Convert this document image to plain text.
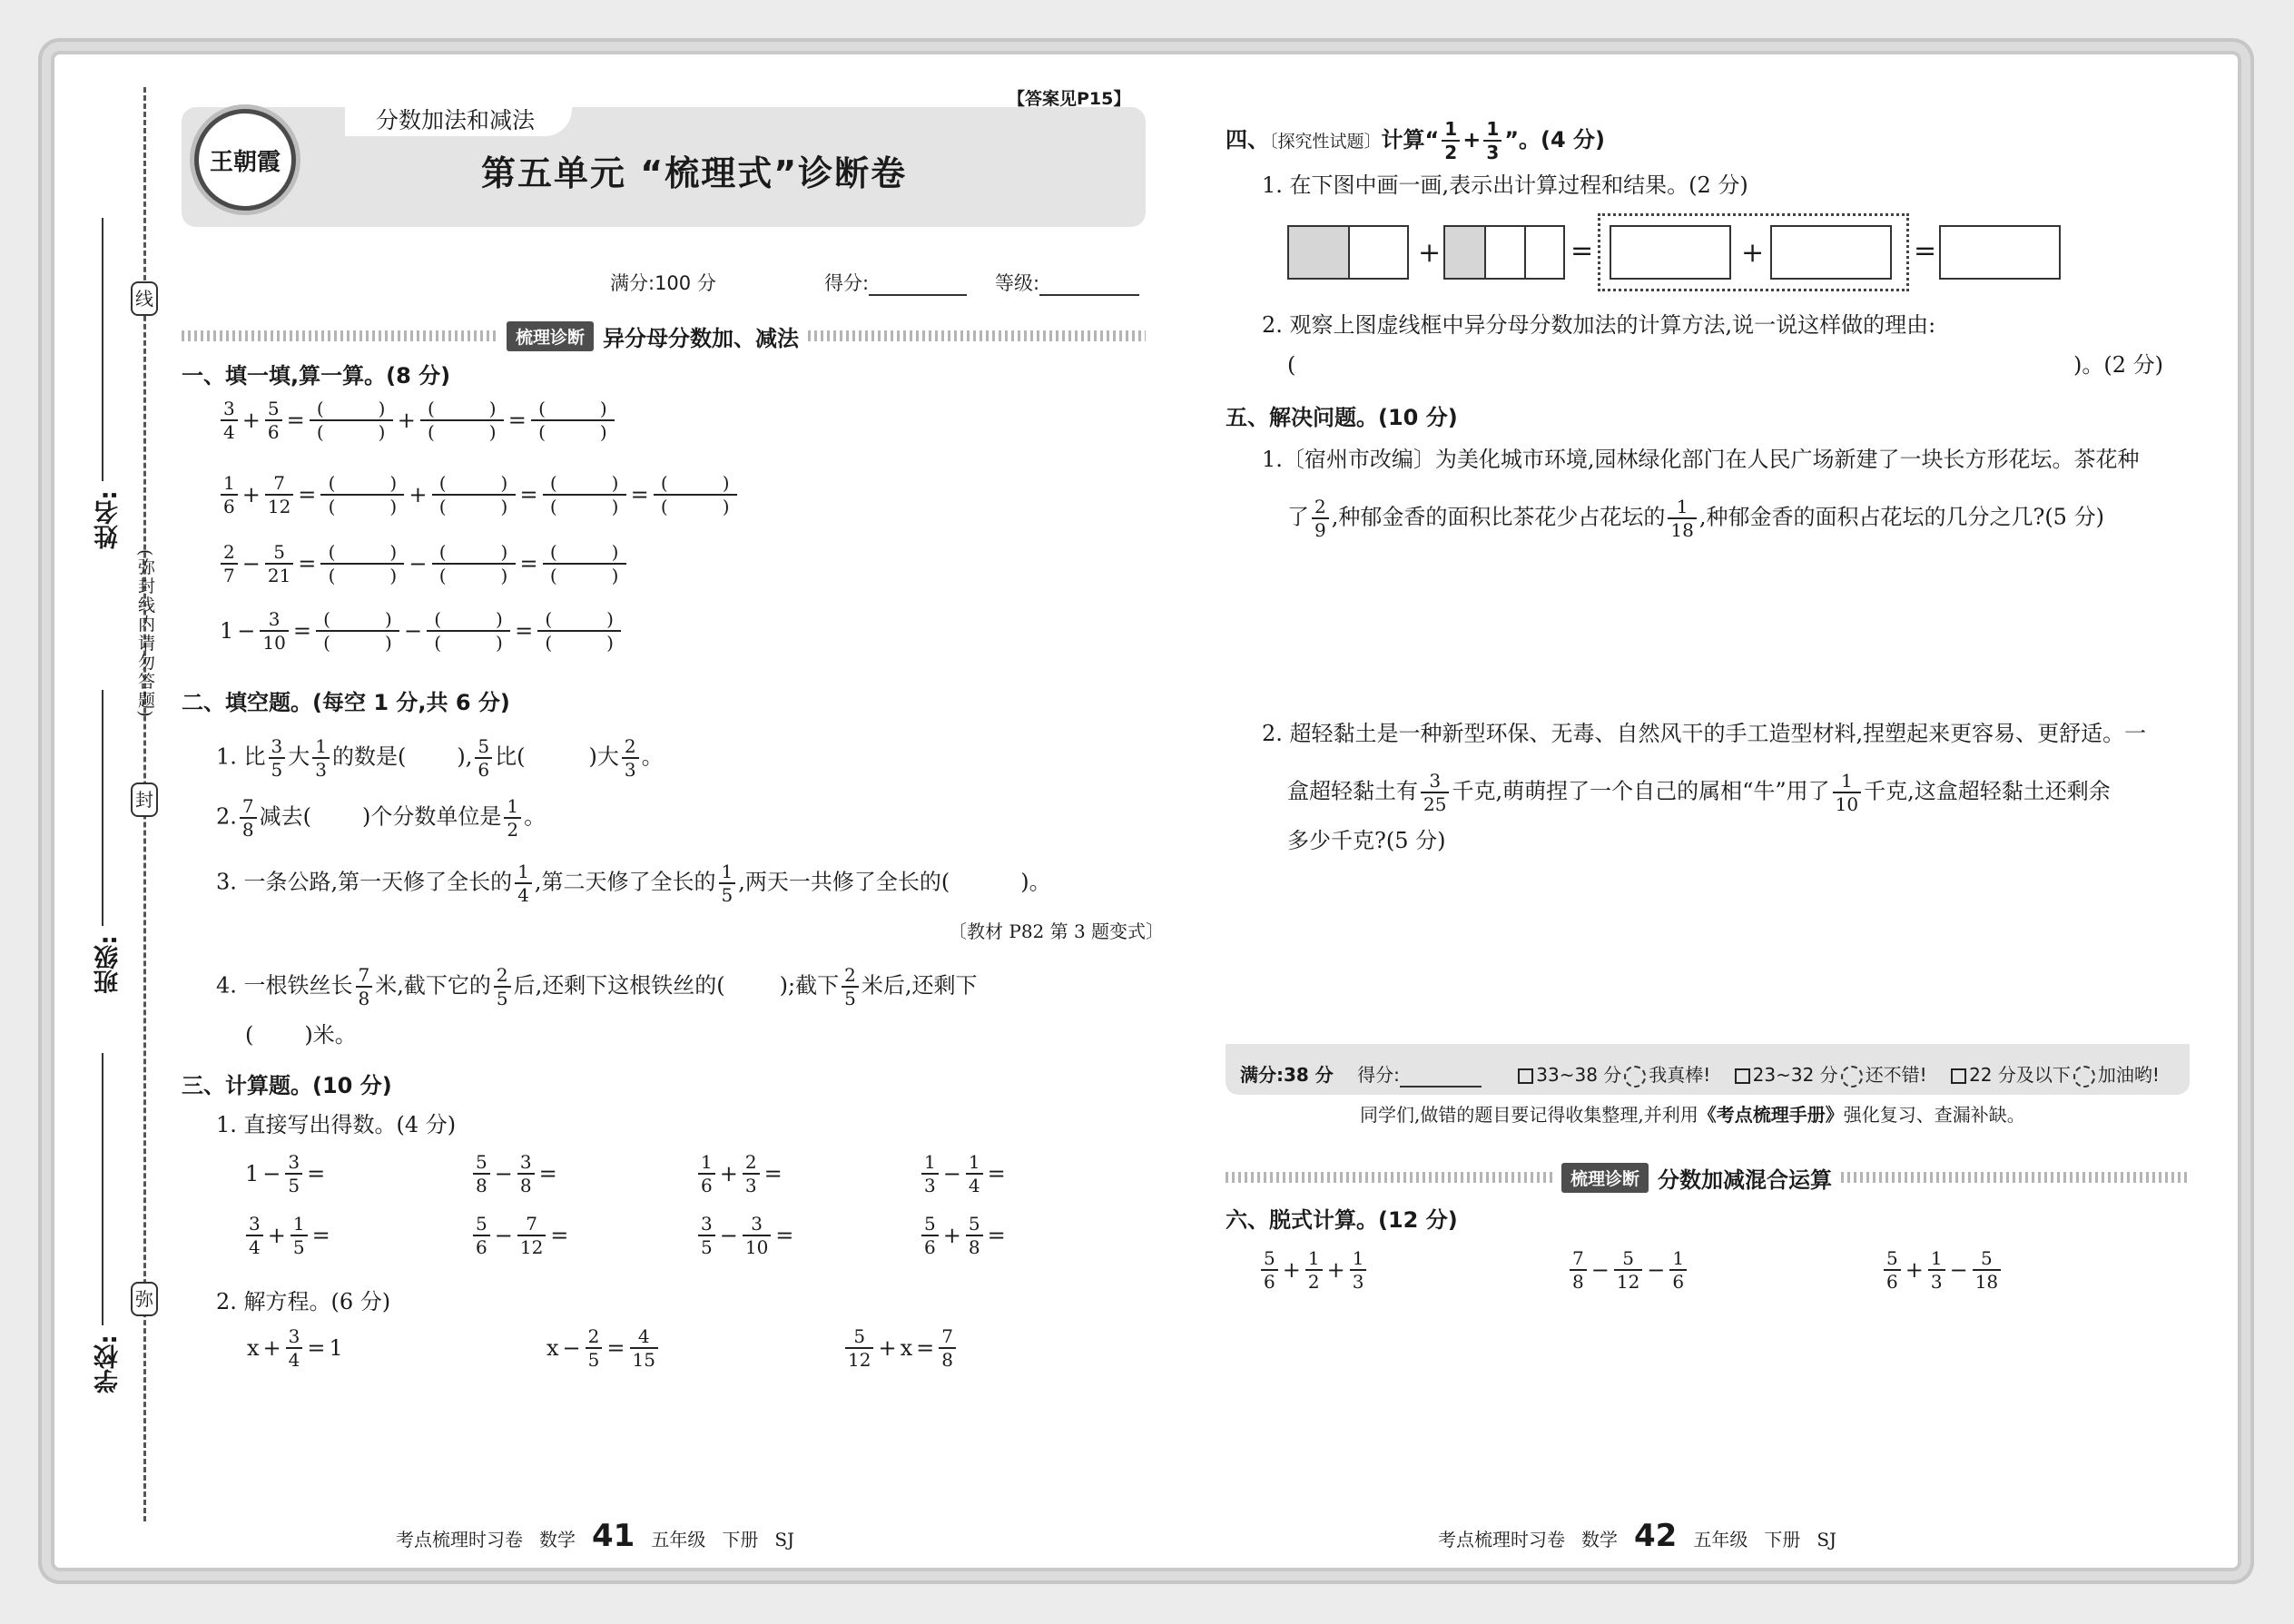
学校:
班级:
姓名:
线
封
弥
(弥封线内请勿答题)
王朝霞
分数加法和减法
【答案见P15】
第五单元 “梳理式”诊断卷
满分:100 分	得分:	等级:
梳理诊断 异分母分数加、减法
一、填一填,算一算。(8 分)
$\frac{3}{4} + \frac{5}{6} = \frac{( )}{( )} + \frac{( )}{( )} = \frac{( )}{( )}$
$\frac{1}{6} + \frac{7}{12} = \frac{( )}{( )} + \frac{( )}{( )} = \frac{( )}{( )} = \frac{( )}{( )}$
$\frac{2}{7} - \frac{5}{21} = \frac{( )}{( )} - \frac{( )}{( )} = \frac{( )}{( )}$
$1 - \frac{3}{10} = \frac{( )}{( )} - \frac{( )}{( )} = \frac{( )}{( )}$
二、填空题。(每空 1 分,共 6 分)
1. 比 $\frac{3}{5}$ 大 $\frac{1}{3}$ 的数是( ), $\frac{5}{6}$ 比(	)大 $\frac{2}{3}$ 。
2. $\frac{7}{8}$ 减去( )个分数单位是 $\frac{1}{2}$ 。
3. 一条公路,第一天修了全长的 $\frac{1}{4}$ ,第二天修了全长的 $\frac{1}{5}$ ,两天一共修了全长的(	)。
〔教材 P82 第 3 题变式〕
4. 一根铁丝长 $\frac{7}{8}$ 米,截下它的 $\frac{2}{5}$ 后,还剩下这根铁丝的(	);截下 $\frac{2}{5}$ 米后,还剩下
( )米。
三、计算题。(10 分)
1. 直接写出得数。(4 分)
$1 - \frac{3}{5}$ =	$\frac{5}{8} - \frac{3}{8}$ =	$\frac{1}{6} + \frac{2}{3}$ =	$\frac{1}{3} - \frac{1}{4}$ =
$\frac{3}{4} + \frac{1}{5}$ =	$\frac{5}{6} - \frac{7}{12}$ =	$\frac{3}{5} - \frac{3}{10}$ =	$\frac{5}{6} + \frac{5}{8}$ =
2. 解方程。(6 分)
$x + \frac{3}{4} = 1$	$x - \frac{2}{5} = \frac{4}{15}$	$\frac{5}{12} + x = \frac{7}{8}$
四、〔探究性试题〕计算“ $\frac{1}{2} + \frac{1}{3}$ ”。(4 分)
1. 在下图中画一画,表示出计算过程和结果。(2 分)
+	=	+	=
2. 观察上图虚线框中异分母分数加法的计算方法,说一说这样做的理由:
(	)。(2 分)
五、解决问题。(10 分)
1.〔宿州市改编〕为美化城市环境,园林绿化部门在人民广场新建了一块长方形花坛。茶花种
了 $\frac{2}{9}$ ,种郁金香的面积比茶花少占花坛的 $\frac{1}{18}$ ,种郁金香的面积占花坛的几分之几?(5 分)
2. 超轻黏土是一种新型环保、无毒、自然风干的手工造型材料,捏塑起来更容易、更舒适。一
盒超轻黏土有 $\frac{3}{25}$ 千克,萌萌捏了一个自己的属相“牛”用了 $\frac{1}{10}$ 千克,这盒超轻黏土还剩余
多少千克?(5 分)
满分:38 分 得分:	33~38 分 我真棒! 23~32 分 还不错! 22 分及以下 加油哟!
同学们,做错的题目要记得收集整理,并利用《考点梳理手册》强化复习、查漏补缺。
梳理诊断 分数加减混合运算
六、脱式计算。(12 分)
$\frac{5}{6} + \frac{1}{2} + \frac{1}{3}$	$\frac{7}{8} - \frac{5}{12} - \frac{1}{6}$	$\frac{5}{6} + \frac{1}{3} - \frac{5}{18}$
考点梳理时习卷 数学 41 五年级 下册 SJ	考点梳理时习卷 数学 42 五年级 下册 SJ
